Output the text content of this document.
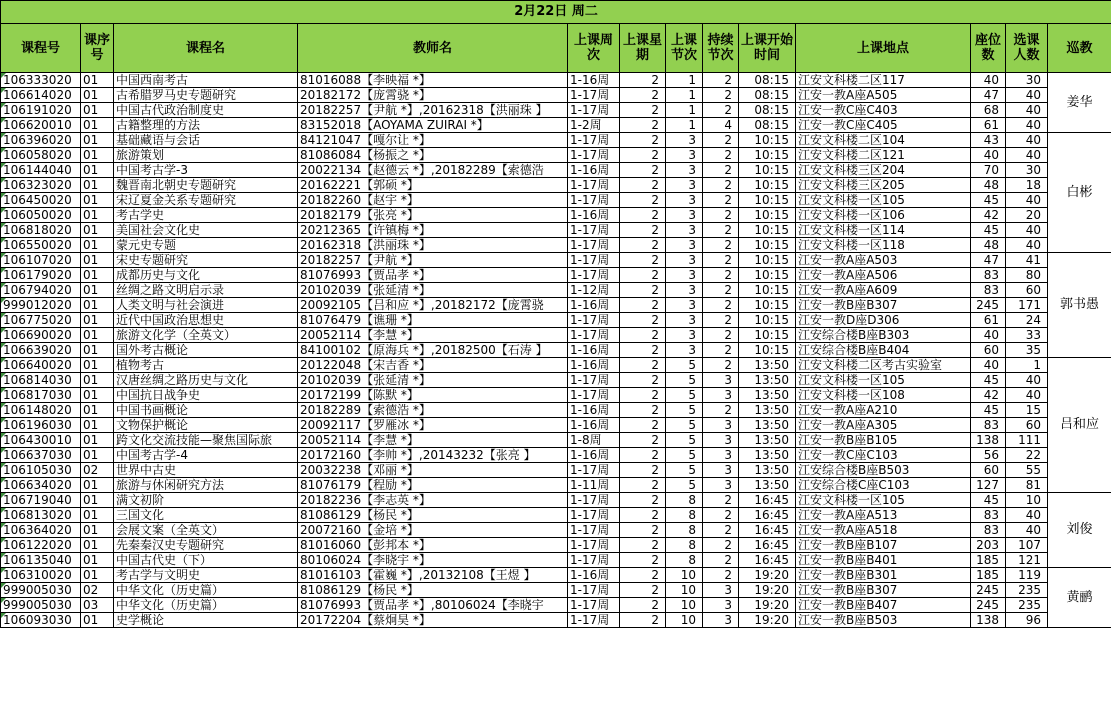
2月22日 周二												
课程号	课序号	课程名	教师名	上课周次	上课星期	上课节次	持续节次	上课开始时间	上课地点	座位数	选课人数	巡教
106333020	01	中国西南考古	81016088【李映福 *】	1-16周	2	1	2	08:15	江安文科楼二区117	40	30	姜华
106614020	01	古希腊罗马史专题研究	20182172【庞霄骁 *】	1-17周	2	1	2	08:15	江安一教A座A505	47	40	
106191020	01	中国古代政治制度史	20182257【尹航 *】,20162318【洪丽珠 】	1-17周	2	1	2	08:15	江安一教C座C403	68	40	
106620010	01	古籍整理的方法	83152018【AOYAMA ZUIRAI *】	1-2周	2	1	4	08:15	江安一教C座C405	61	40	
106396020	01	基础藏语与会话	84121047【嘎尔让 *】	1-17周	2	3	2	10:15	江安文科楼二区104	43	40	白彬
106058020	01	旅游策划	81086084【杨振之 *】	1-17周	2	3	2	10:15	江安文科楼二区121	40	40	
106144040	01	中国考古学-3	20022134【赵德云 *】,20182289【索德浩	1-16周	2	3	2	10:15	江安文科楼三区204	70	30	
106323020	01	魏晋南北朝史专题研究	20162221【郭硕 *】	1-17周	2	3	2	10:15	江安文科楼三区205	48	18	
106450020	01	宋辽夏金关系专题研究	20182260【赵宇 *】	1-17周	2	3	2	10:15	江安文科楼一区105	45	40	
106050020	01	考古学史	20182179【张亮 *】	1-16周	2	3	2	10:15	江安文科楼一区106	42	20	
106818020	01	美国社会文化史	20212365【许镇梅 *】	1-17周	2	3	2	10:15	江安文科楼一区114	45	40	
106550020	01	蒙元史专题	20162318【洪丽珠 *】	1-17周	2	3	2	10:15	江安文科楼一区118	48	40	
106107020	01	宋史专题研究	20182257【尹航 *】	1-17周	2	3	2	10:15	江安一教A座A503	47	41	郭书愚
106179020	01	成都历史与文化	81076993【贾品孝 *】	1-17周	2	3	2	10:15	江安一教A座A506	83	80	
106794020	01	丝绸之路文明启示录	20102039【张延清 *】	1-12周	2	3	2	10:15	江安一教A座A609	83	60	
999012020	01	人类文明与社会演进	20092105【吕和应 *】,20182172【庞霄骁	1-16周	2	3	2	10:15	江安一教B座B307	245	171	
106775020	01	近代中国政治思想史	81076479【谯珊 *】	1-17周	2	3	2	10:15	江安一教D座D306	61	24	
106690020	01	旅游文化学（全英文）	20052114【李慧 *】	1-17周	2	3	2	10:15	江安综合楼B座B303	40	33	
106639020	01	国外考古概论	84100102【原海兵 *】,20182500【石涛 】	1-16周	2	3	2	10:15	江安综合楼B座B404	60	35	
106640020	01	植物考古	20122048【宋吉香 *】	1-16周	2	5	2	13:50	江安文科楼二区考古实验室	40	1	吕和应
106814030	01	汉唐丝绸之路历史与文化	20102039【张延清 *】	1-17周	2	5	3	13:50	江安文科楼一区105	45	40	
106817030	01	中国抗日战争史	20172199【陈默 *】	1-17周	2	5	3	13:50	江安文科楼一区108	42	40	
106148020	01	中国书画概论	20182289【索德浩 *】	1-16周	2	5	2	13:50	江安一教A座A210	45	15	
106196030	01	文物保护概论	20092117【罗雁冰 *】	1-16周	2	5	3	13:50	江安一教A座A305	83	60	
106430010	01	跨文化交流技能—聚焦国际旅	20052114【李慧 *】	1-8周	2	5	3	13:50	江安一教B座B105	138	111	
106637030	01	中国考古学-4	20172160【李帅 *】,20143232【张亮 】	1-16周	2	5	3	13:50	江安一教C座C103	56	22	
106105030	02	世界中古史	20032238【邓丽 *】	1-17周	2	5	3	13:50	江安综合楼B座B503	60	55	
106634020	01	旅游与休闲研究方法	81076179【程励 *】	1-11周	2	5	3	13:50	江安综合楼C座C103	127	81	
106719040	01	满文初阶	20182236【李志英 *】	1-17周	2	8	2	16:45	江安文科楼一区105	45	10	刘俊
106813020	01	三国文化	81086129【杨民 *】	1-17周	2	8	2	16:45	江安一教A座A513	83	40	
106364020	01	会展文案（全英文）	20072160【金培 *】	1-17周	2	8	2	16:45	江安一教A座A518	83	40	
106122020	01	先秦秦汉史专题研究	81016060【彭邦本 *】	1-17周	2	8	2	16:45	江安一教B座B107	203	107	
106135040	01	中国古代史（下）	80106024【李晓宇 *】	1-17周	2	8	2	16:45	江安一教B座B401	185	121	
106310020	01	考古学与文明史	81016103【霍巍 *】,20132108【王煜 】	1-16周	2	10	2	19:20	江安一教B座B301	185	119	黄鹂
999005030	02	中华文化（历史篇）	81086129【杨民 *】	1-17周	2	10	3	19:20	江安一教B座B307	245	235	
999005030	03	中华文化（历史篇）	81076993【贾品孝 *】,80106024【李晓宇	1-17周	2	10	3	19:20	江安一教B座B407	245	235	
106093030	01	史学概论	20172204【蔡炯昊 *】	1-17周	2	10	3	19:20	江安一教B座B503	138	96	
